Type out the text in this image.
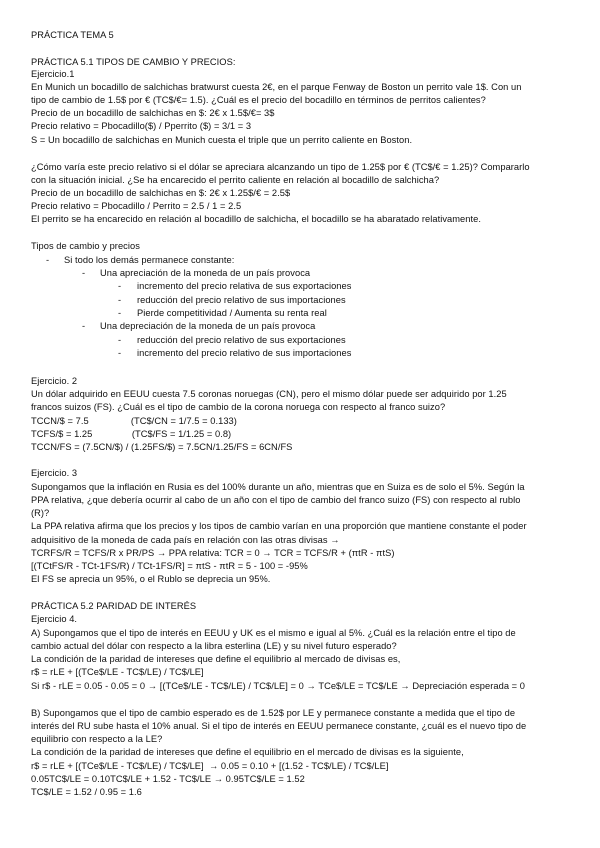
PRÁCTICA TEMA 5
PRÁCTICA 5.1 TIPOS DE CAMBIO Y PRECIOS:
Ejercicio.1
En Munich un bocadillo de salchichas bratwurst cuesta 2€, en el parque Fenway de Boston un perrito vale 1$. Con un
tipo de cambio de 1.5$ por € (TC$/€= 1.5). ¿Cuál es el precio del bocadillo en términos de perritos calientes?
Precio de un bocadillo de salchichas en $: 2€ x 1.5$/€= 3$
Precio relativo = Pbocadillo($) / Pperrito ($) = 3/1 = 3
S = Un bocadillo de salchichas en Munich cuesta el triple que un perrito caliente en Boston.
¿Cómo varía este precio relativo si el dólar se apreciara alcanzando un tipo de 1.25$ por € (TC$/€ = 1.25)? Compararlo
con la situación inicial. ¿Se ha encarecido el perrito caliente en relación al bocadillo de salchicha?
Precio de un bocadillo de salchichas en $: 2€ x 1.25$/€ = 2.5$
Precio relativo = Pbocadillo / Perrito = 2.5 / 1 = 2.5
El perrito se ha encarecido en relación al bocadillo de salchicha, el bocadillo se ha abaratado relativamente.
Tipos de cambio y precios
- Si todo los demás permanece constante:
- Una apreciación de la moneda de un país provoca
- incremento del precio relativa de sus exportaciones
- reducción del precio relativo de sus importaciones
- Pierde competitividad / Aumenta su renta real
- Una depreciación de la moneda de un país provoca
- reducción del precio relativo de sus exportaciones
- incremento del precio relativo de sus importaciones
Ejercicio. 2
Un dólar adquirido en EEUU cuesta 7.5 coronas noruegas (CN), pero el mismo dólar puede ser adquirido por 1.25
francos suizos (FS). ¿Cuál es el tipo de cambio de la corona noruega con respecto al franco suizo?
TCCN/$ = 7.5                (TC$/CN = 1/7.5 = 0.133)
TCFS/$ = 1.25               (TC$/FS = 1/1.25 = 0.8)
TCCN/FS = (7.5CN/$) / (1.25FS/$) = 7.5CN/1.25/FS = 6CN/FS
Ejercicio. 3
Supongamos que la inflación en Rusia es del 100% durante un año, mientras que en Suiza es de solo el 5%. Según la
PPA relativa, ¿que debería ocurrir al cabo de un año con el tipo de cambio del franco suizo (FS) con respecto al rublo
(R)?
La PPA relativa afirma que los precios y los tipos de cambio varían en una proporción que mantiene constante el poder
adquisitivo de la moneda de cada país en relación con las otras divisas →
TCRFS/R = TCFS/R x PR/PS → PPA relativa: TCR = 0 → TCR = TCFS/R + (πtR - πtS)
[(TCtFS/R - TCt-1FS/R) / TCt-1FS/R] = πtS - πtR = 5 - 100 = -95%
El FS se aprecia un 95%, o el Rublo se deprecia un 95%.
PRÁCTICA 5.2 PARIDAD DE INTERÉS
Ejercicio 4.
A) Supongamos que el tipo de interés en EEUU y UK es el mismo e igual al 5%. ¿Cuál es la relación entre el tipo de
cambio actual del dólar con respecto a la libra esterlina (LE) y su nivel futuro esperado?
La condición de la paridad de intereses que define el equilibrio al mercado de divisas es,
r$ = rLE + [(TCe$/LE - TC$/LE) / TC$/LE]
Si r$ - rLE = 0.05 - 0.05 = 0 → [(TCe$/LE - TC$/LE) / TC$/LE] = 0 → TCe$/LE = TC$/LE → Depreciación esperada = 0
B) Supongamos que el tipo de cambio esperado es de 1.52$ por LE y permanece constante a medida que el tipo de
interés del RU sube hasta el 10% anual. Si el tipo de interés en EEUU permanece constante, ¿cuál es el nuevo tipo de
equilibrio con respecto a la LE?
La condición de la paridad de intereses que define el equilibrio en el mercado de divisas es la siguiente,
r$ = rLE + [(TCe$/LE - TC$/LE) / TC$/LE]  → 0.05 = 0.10 + [(1.52 - TC$/LE) / TC$/LE]
0.05TC$/LE = 0.10TC$/LE + 1.52 - TC$/LE → 0.95TC$/LE = 1.52
TC$/LE = 1.52 / 0.95 = 1.6
